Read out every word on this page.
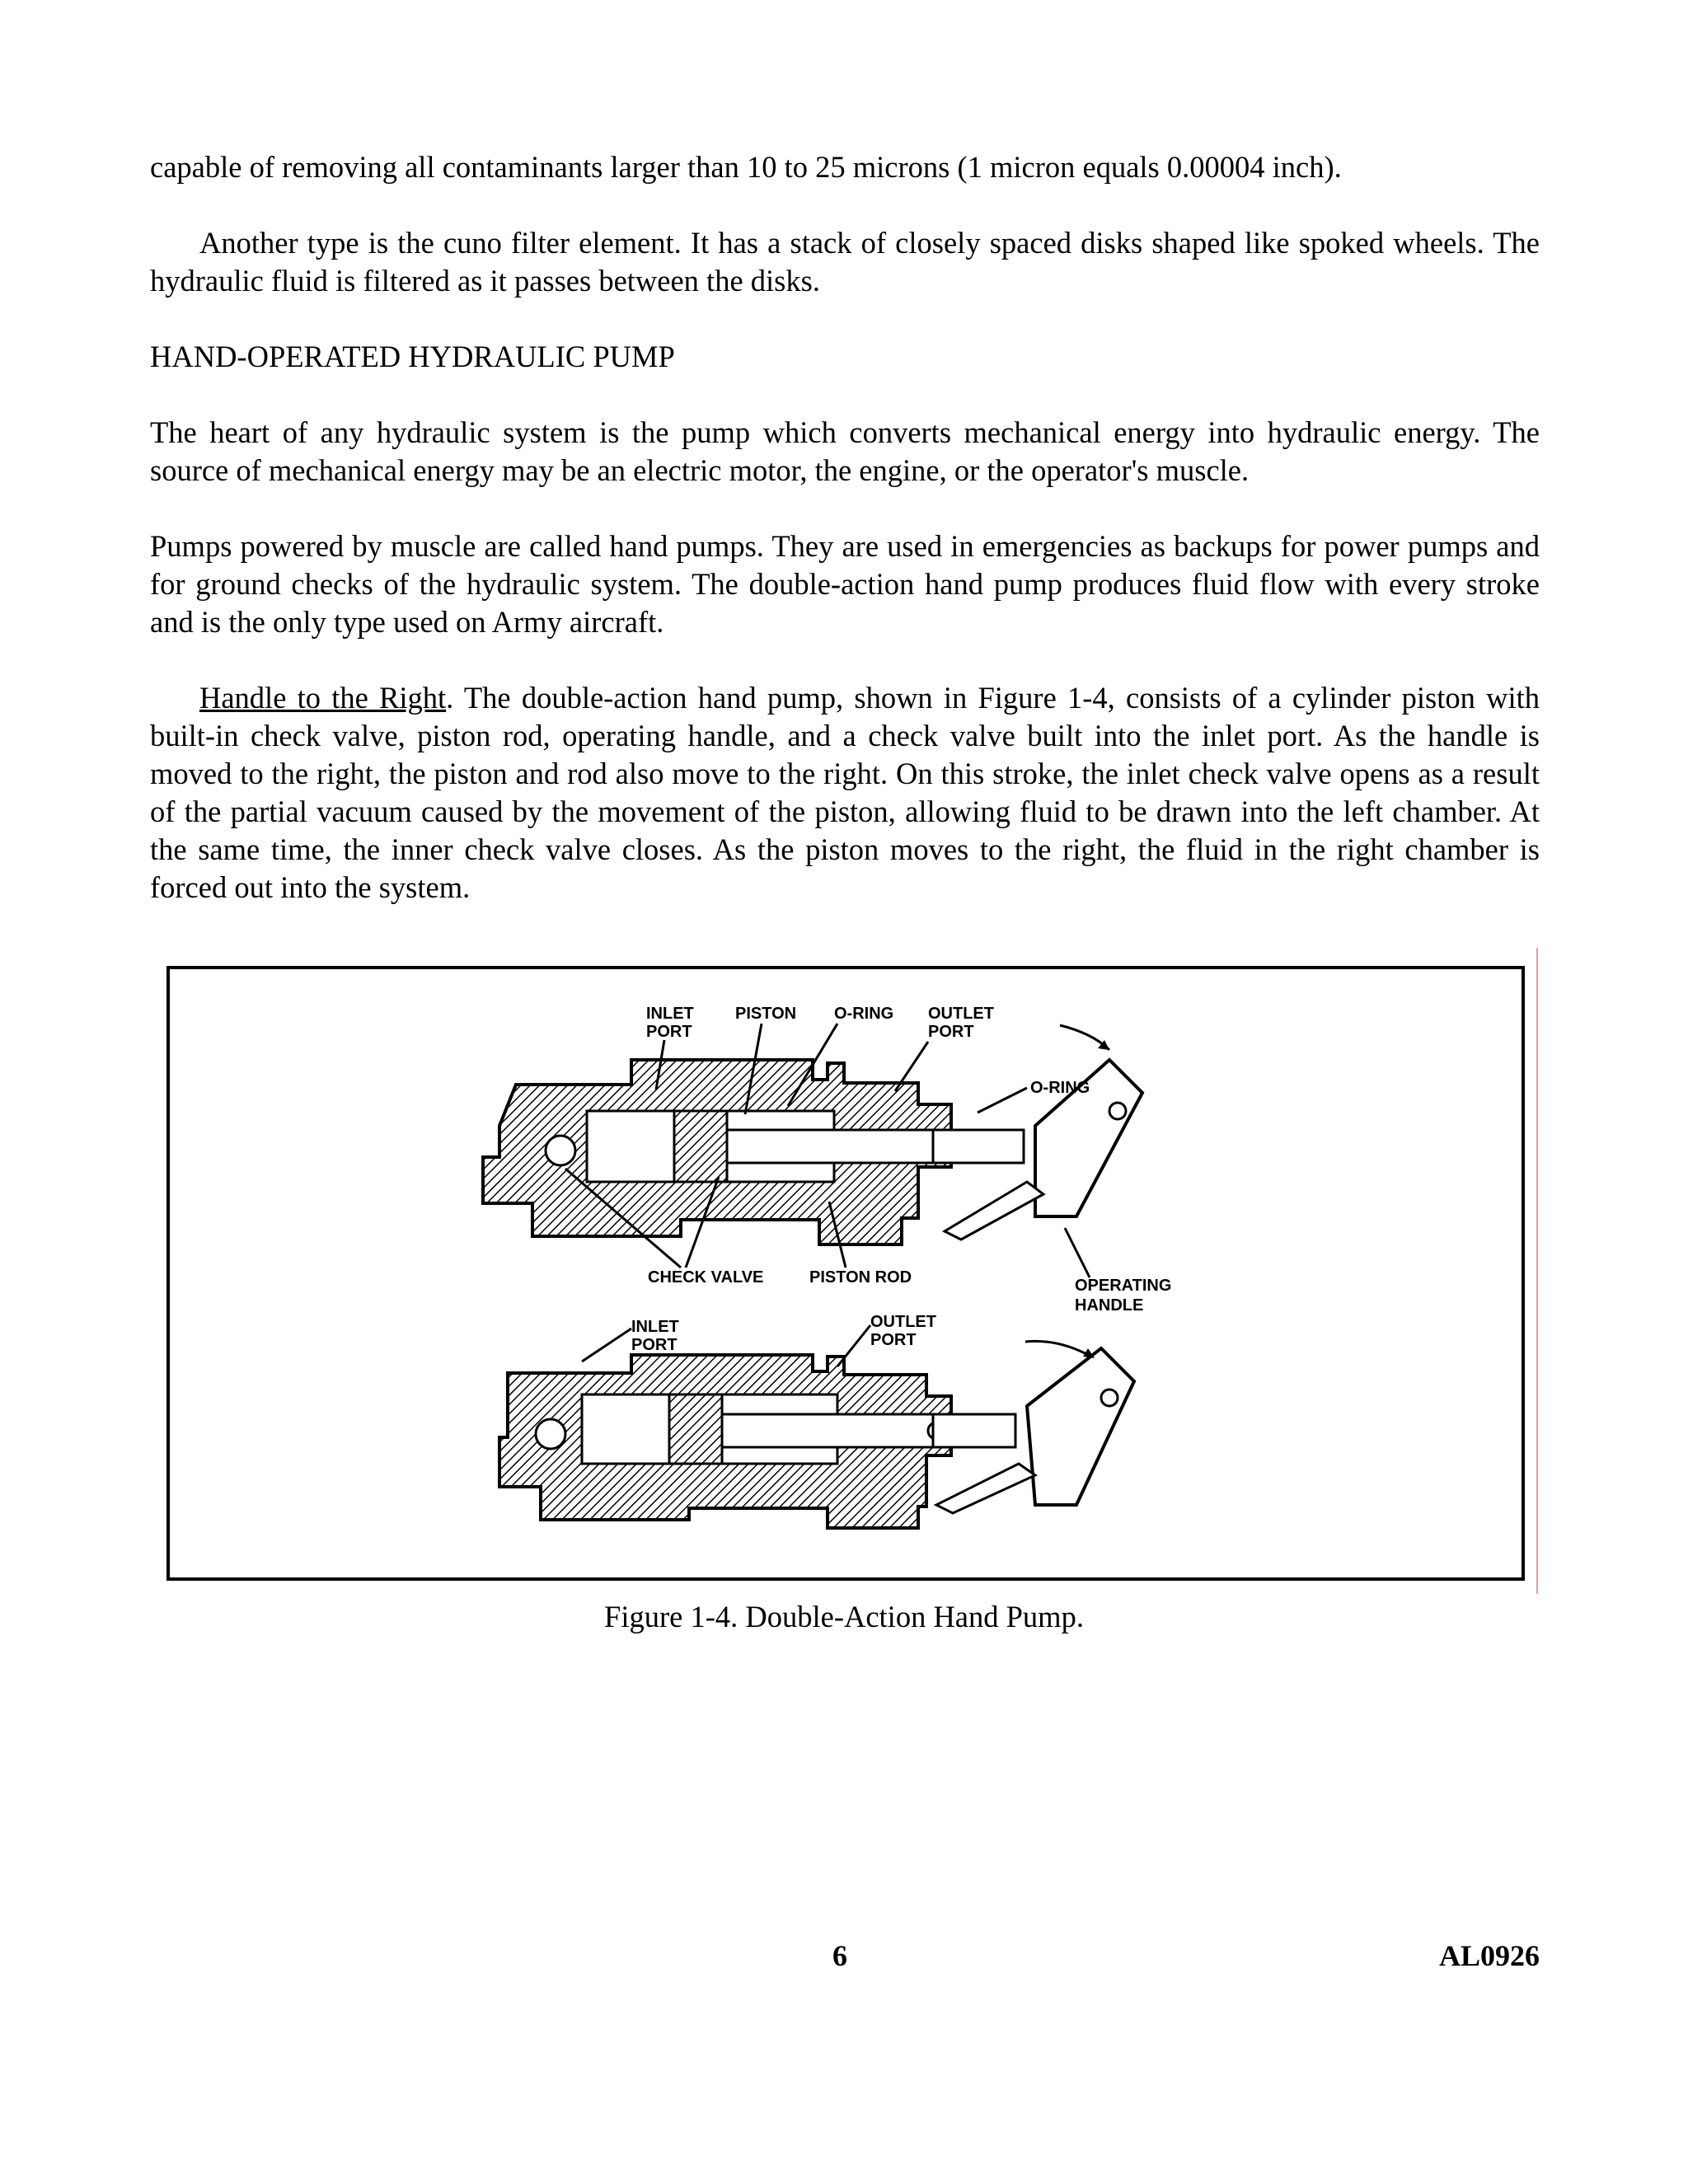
capable of removing all contaminants larger than 10 to 25 microns (1 micron equals 0.00004 inch).

Another type is the cuno filter element. It has a stack of closely spaced disks shaped like spoked wheels. The hydraulic fluid is filtered as it passes between the disks.

HAND-OPERATED HYDRAULIC PUMP

The heart of any hydraulic system is the pump which converts mechanical energy into hydraulic energy. The source of mechanical energy may be an electric motor, the engine, or the operator's muscle.

Pumps powered by muscle are called hand pumps. They are used in emergencies as backups for power pumps and for ground checks of the hydraulic system. The double-action hand pump produces fluid flow with every stroke and is the only type used on Army aircraft.

Handle to the Right. The double-action hand pump, shown in Figure 1-4, consists of a cylinder piston with built-in check valve, piston rod, operating handle, and a check valve built into the inlet port. As the handle is moved to the right, the piston and rod also move to the right. On this stroke, the inlet check valve opens as a result of the partial vacuum caused by the movement of the piston, allowing fluid to be drawn into the left chamber. At the same time, the inner check valve closes. As the piston moves to the right, the fluid in the right chamber is forced out into the system.

INLET
PORT
PISTON O-RING OUTLET
PORT
O-RING
CHECK VALVE	PISTON ROD	OPERATING
HANDLE
INLET
PORT
OUTLET
PORT
Figure 1-4. Double-Action Hand Pump.
6	AL0926
